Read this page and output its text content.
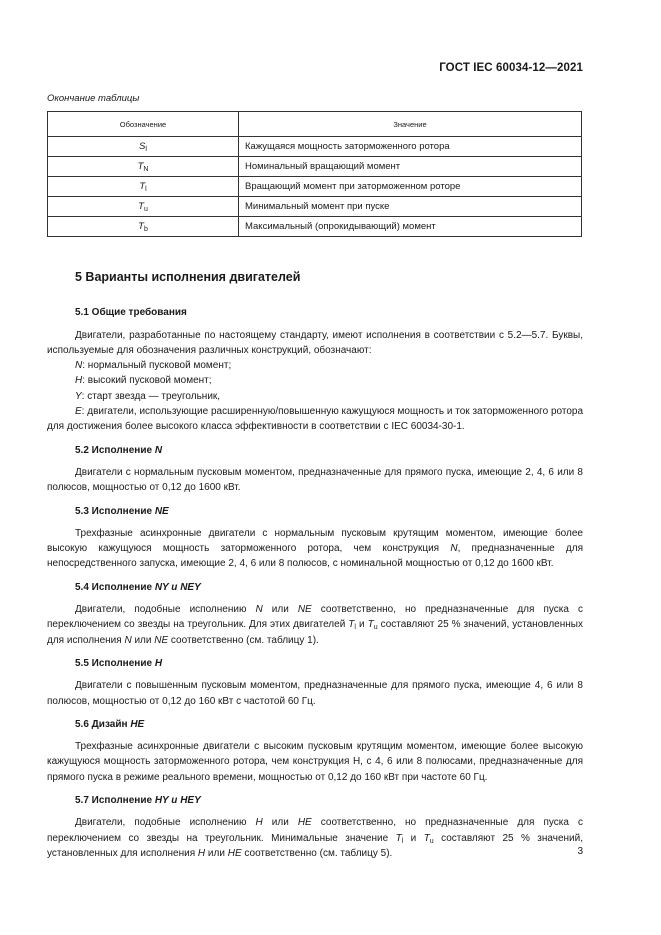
ГОСТ IEC 60034-12—2021
Окончание таблицы
Обозначение	Значение
$S_l$	Кажущаяся мощность заторможенного ротора
$T_N$	Номинальный вращающий момент
$T_l$	Вращающий момент при заторможенном роторе
$T_u$	Минимальный момент при пуске
$T_b$	Максимальный (опрокидывающий) момент
5 Варианты исполнения двигателей
5.1 Общие требования

Двигатели, разработанные по настоящему стандарту, имеют исполнения в соответствии с 5.2—5.7. Буквы, используемые для обозначения различных конструкций, обозначают:

N: нормальный пусковой момент;

H: высокий пусковой момент;

Y: старт звезда — треугольник,

E: двигатели, использующие расширенную/повышенную кажущуюся мощность и ток заторможенного ротора для достижения более высокого класса эффективности в соответствии с IEC 60034-30-1.

5.2 Исполнение N

Двигатели с нормальным пусковым моментом, предназначенные для прямого пуска, имеющие 2, 4, 6 или 8 полюсов, мощностью от 0,12 до 1600 кВт.

5.3 Исполнение NE

Трехфазные асинхронные двигатели с нормальным пусковым крутящим моментом, имеющие более высокую кажущуюся мощность заторможенного ротора, чем конструкция N, предназначенные для непосредственного запуска, имеющие 2, 4, 6 или 8 полюсов, с номинальной мощностью от 0,12 до 1600 кВт.

5.4 Исполнение NY и NEY

Двигатели, подобные исполнению N или NE соответственно, но предназначенные для пуска с переключением со звезды на треугольник. Для этих двигателей $T_l$ и $T_u$ составляют 25 % значений, установленных для исполнения N или NE соответственно (см. таблицу 1).

5.5 Исполнение H

Двигатели с повышенным пусковым моментом, предназначенные для прямого пуска, имеющие 4, 6 или 8 полюсов, мощностью от 0,12 до 160 кВт с частотой 60 Гц.

5.6 Дизайн HE

Трехфазные асинхронные двигатели с высоким пусковым крутящим моментом, имеющие более высокую кажущуюся мощность заторможенного ротора, чем конструкция H, с 4, 6 или 8 полюсами, предназначенные для прямого пуска в режиме реального времени, мощностью от 0,12 до 160 кВт при частоте 60 Гц.

5.7 Исполнение HY и HEY

Двигатели, подобные исполнению H или HE соответственно, но предназначенные для пуска с переключением со звезды на треугольник. Минимальные значение $T_l$ и $T_u$ составляют 25 % значений, установленных для исполнения H или HE соответственно (см. таблицу 5).	3
